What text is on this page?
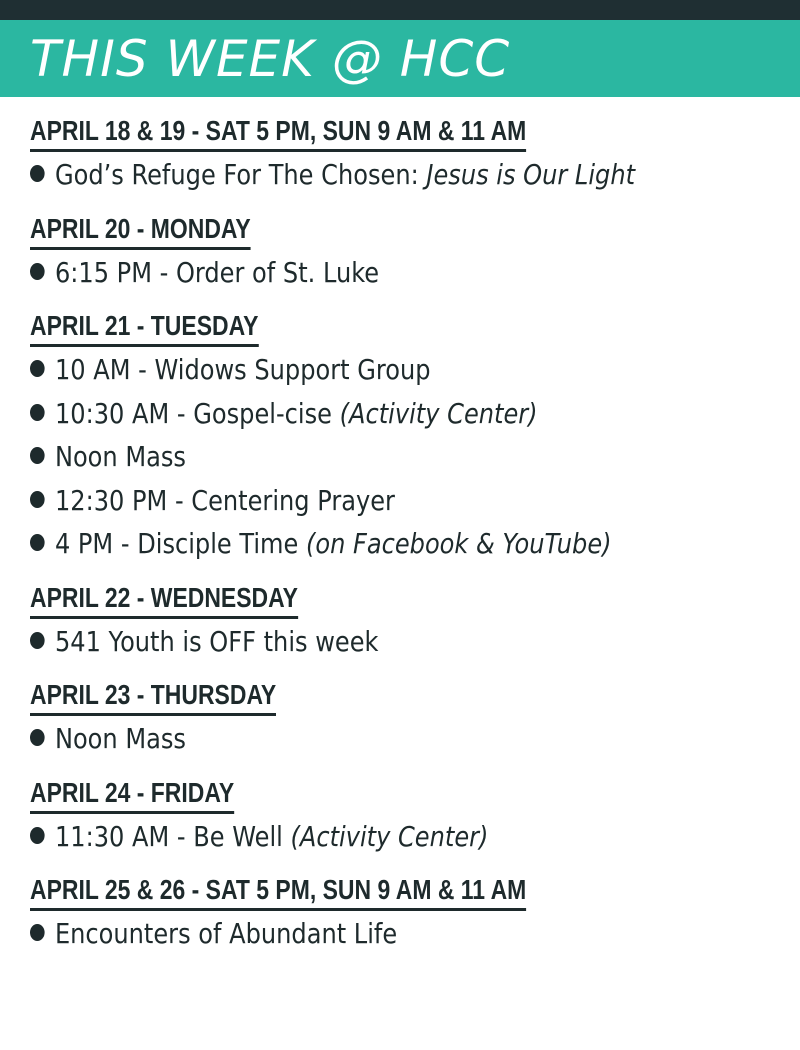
THIS WEEK @ HCC
APRIL 18 & 19 - SAT 5 PM, SUN 9 AM & 11 AM
God’s Refuge For The Chosen: Jesus is Our Light
APRIL 20 - MONDAY
6:15 PM - Order of St. Luke
APRIL 21 - TUESDAY
10 AM - Widows Support Group
10:30 AM - Gospel-cise (Activity Center)
Noon Mass
12:30 PM - Centering Prayer
4 PM - Disciple Time (on Facebook & YouTube)
APRIL 22 - WEDNESDAY
541 Youth is OFF this week
APRIL 23 - THURSDAY
Noon Mass
APRIL 24 - FRIDAY
11:30 AM - Be Well (Activity Center)
APRIL 25 & 26 - SAT 5 PM, SUN 9 AM & 11 AM
Encounters of Abundant Life
